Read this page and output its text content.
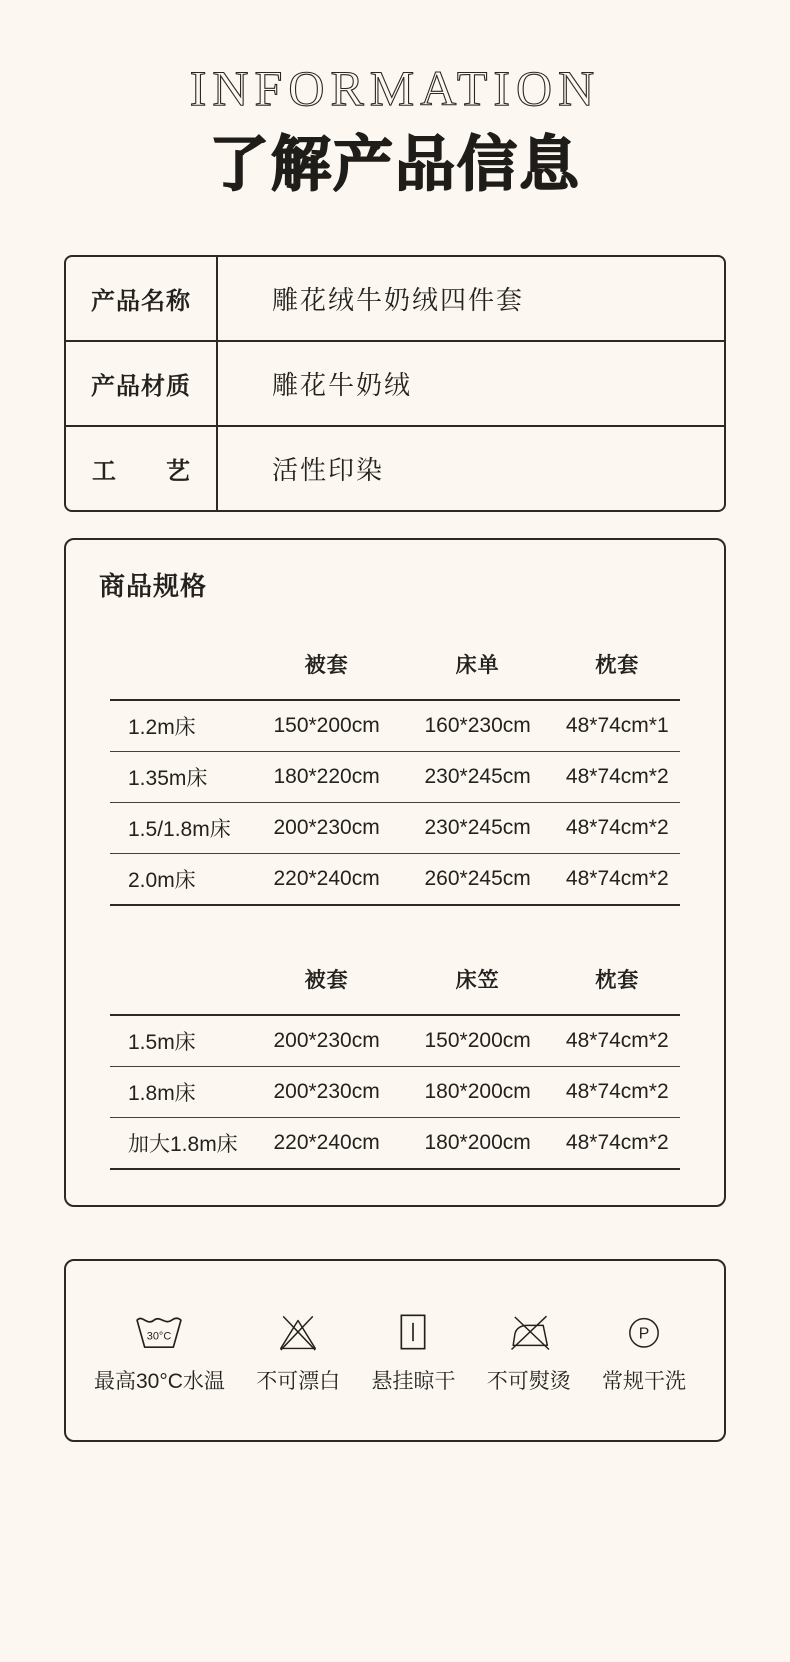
INFORMATION
了解产品信息
产品名称	雕花绒牛奶绒四件套
产品材质	雕花牛奶绒
工 艺	活性印染
商品规格
	被套	床单	枕套
1.2m床	150*200cm	160*230cm	48*74cm*1
1.35m床	180*220cm	230*245cm	48*74cm*2
1.5/1.8m床	200*230cm	230*245cm	48*74cm*2
2.0m床	220*240cm	260*245cm	48*74cm*2
	被套	床笠	枕套
1.5m床	200*230cm	150*200cm	48*74cm*2
1.8m床	200*230cm	180*200cm	48*74cm*2
加大1.8m床	220*240cm	180*200cm	48*74cm*2
30°C
最高30°C水温 不可漂白 悬挂晾干 不可熨烫
P
常规干洗
